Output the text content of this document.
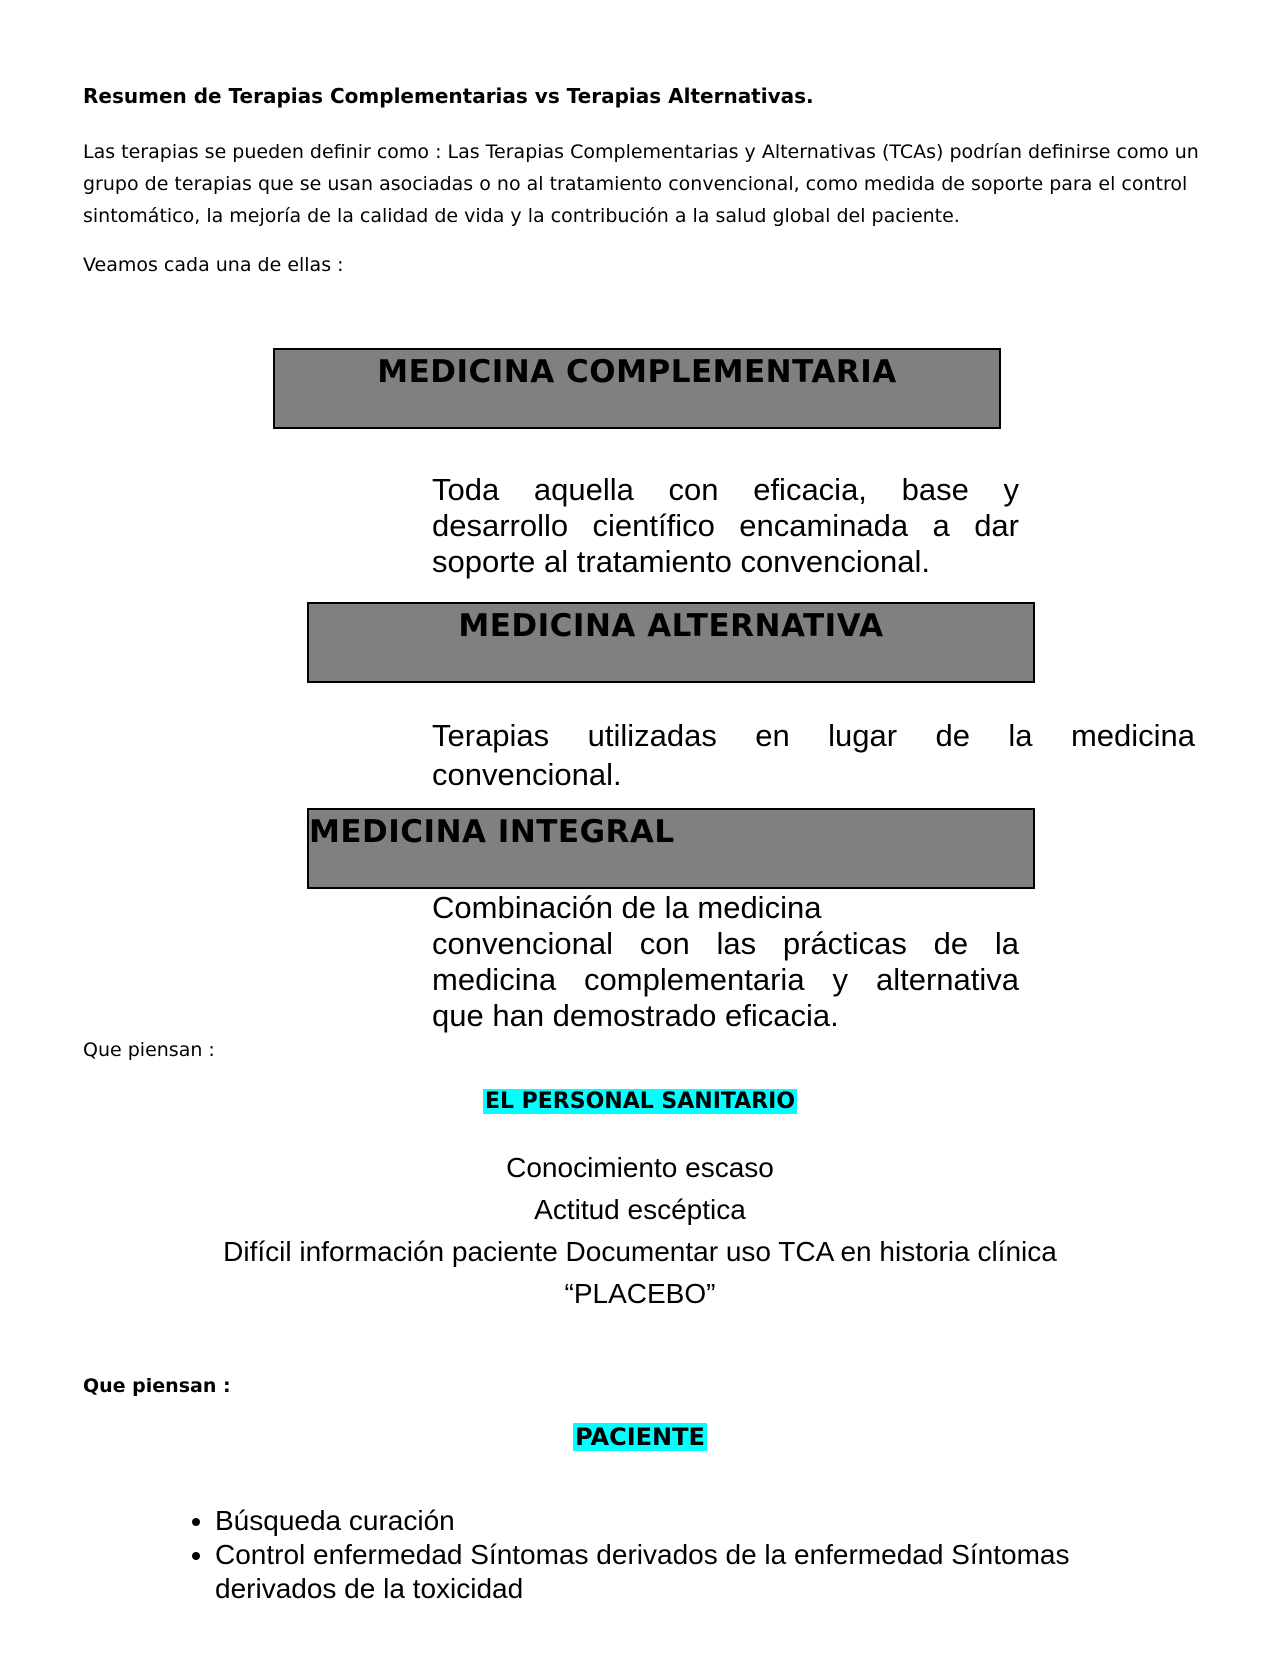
Resumen de Terapias Complementarias vs Terapias Alternativas.

Las terapias se pueden definir como : Las Terapias Complementarias y Alternativas (TCAs) podrían definirse como un grupo de terapias que se usan asociadas o no al tratamiento convencional, como medida de soporte para el control sintomático, la mejoría de la calidad de vida y la contribución a la salud global del paciente.

Veamos cada una de ellas :

MEDICINA COMPLEMENTARIA

Toda aquella con eficacia, base y desarrollo científico encaminada a dar soporte al tratamiento convencional.

MEDICINA ALTERNATIVA

Terapias utilizadas en lugar de la medicina convencional.

MEDICINA INTEGRAL
Combinación de la medicina
convencional con las prácticas de la medicina complementaria y alternativa que han demostrado eficacia.

Que piensan :

EL PERSONAL SANITARIO
Conocimiento escaso
Actitud escéptica
Difícil información paciente Documentar uso TCA en historia clínica
“PLACEBO”

Que piensan :

PACIENTE
• Búsqueda curación
• Control enfermedad Síntomas derivados de la enfermedad Síntomas derivados de la toxicidad
